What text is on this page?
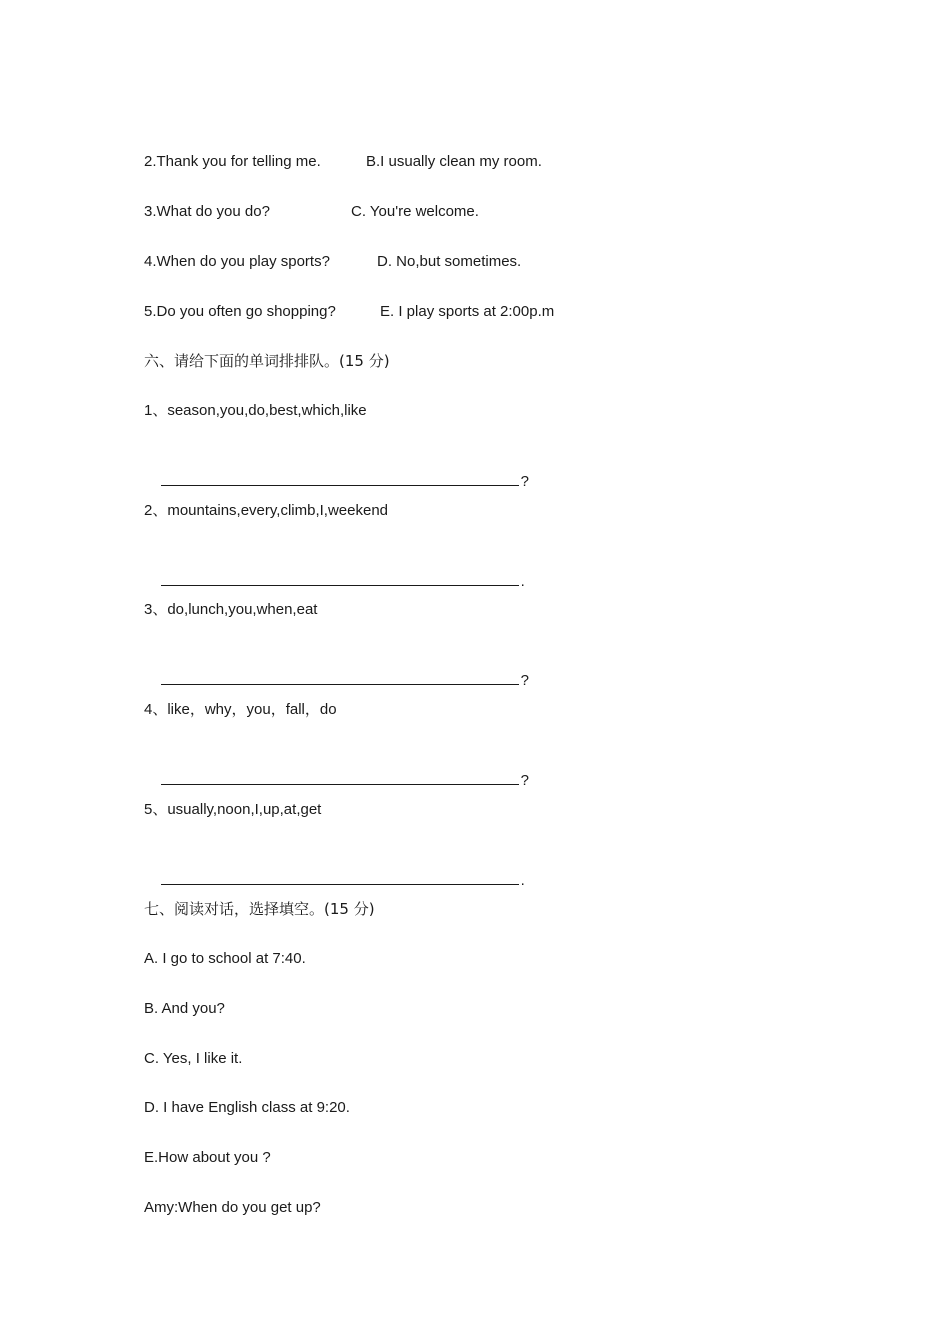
2.Thank you for telling me.	B.I usually clean my room.
3.What do you do?	C. You're welcome.
4.When do you play sports?	D. No,but sometimes.
5.Do you often go shopping?	E. I play sports at 2:00p.m
六、请给下面的单词排排队。(15 分)
1、season,you,do,best,which,like

?

2、mountains,every,climb,I,weekend

.

3、do,lunch,you,when,eat

?

4、like，why，you，fall，do

?

5、usually,noon,I,up,at,get

.

七、阅读对话，选择填空。(15 分)
A. I go to school at 7:40.
B. And you?
C. Yes, I like it.
D. I have English class at 9:20.
E.How about you ?
Amy:When do you get up?
